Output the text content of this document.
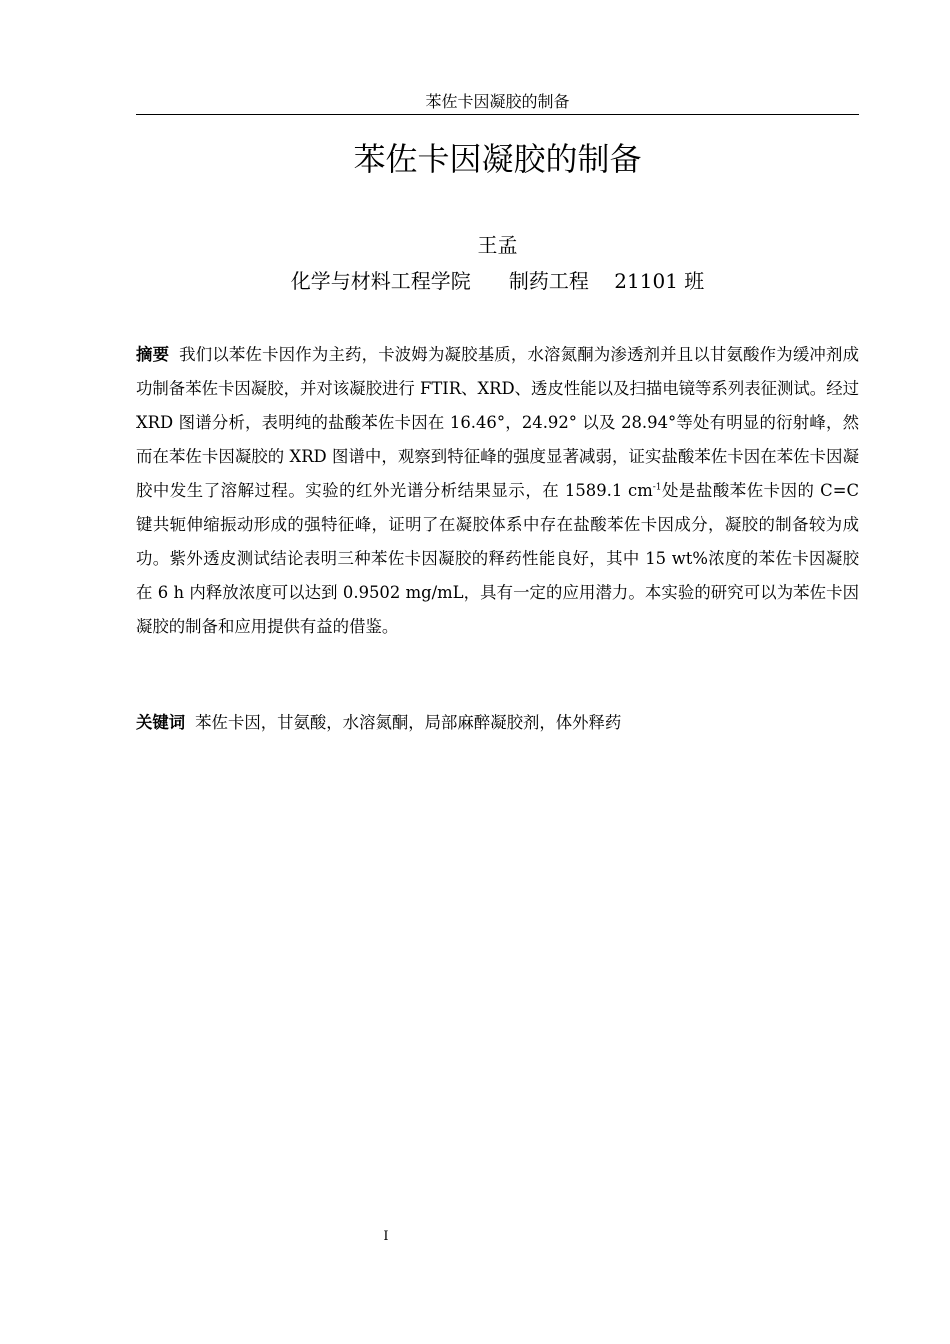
苯佐卡因凝胶的制备
苯佐卡因凝胶的制备
王孟
化学与材料工程学院      制药工程    21101 班

摘要 我们以苯佐卡因作为主药，卡波姆为凝胶基质，水溶氮酮为渗透剂并且以甘氨酸作为缓冲剂成功制备苯佐卡因凝胶，并对该凝胶进行 FTIR、XRD、透皮性能以及扫描电镜等系列表征测试。经过 XRD 图谱分析，表明纯的盐酸苯佐卡因在 16.46°，24.92° 以及 28.94°等处有明显的衍射峰，然而在苯佐卡因凝胶的 XRD 图谱中，观察到特征峰的强度显著减弱，证实盐酸苯佐卡因在苯佐卡因凝胶中发生了溶解过程。实验的红外光谱分析结果显示，在 1589.1 $cm^{-1}$处是盐酸苯佐卡因的 C=C 键共轭伸缩振动形成的强特征峰，证明了在凝胶体系中存在盐酸苯佐卡因成分，凝胶的制备较为成功。紫外透皮测试结论表明三种苯佐卡因凝胶的释药性能良好，其中 15 wt%浓度的苯佐卡因凝胶在 6 h 内释放浓度可以达到 0.9502 mg/mL，具有一定的应用潜力。本实验的研究可以为苯佐卡因凝胶的制备和应用提供有益的借鉴。

关键词 苯佐卡因，甘氨酸，水溶氮酮，局部麻醉凝胶剂，体外释药

I
